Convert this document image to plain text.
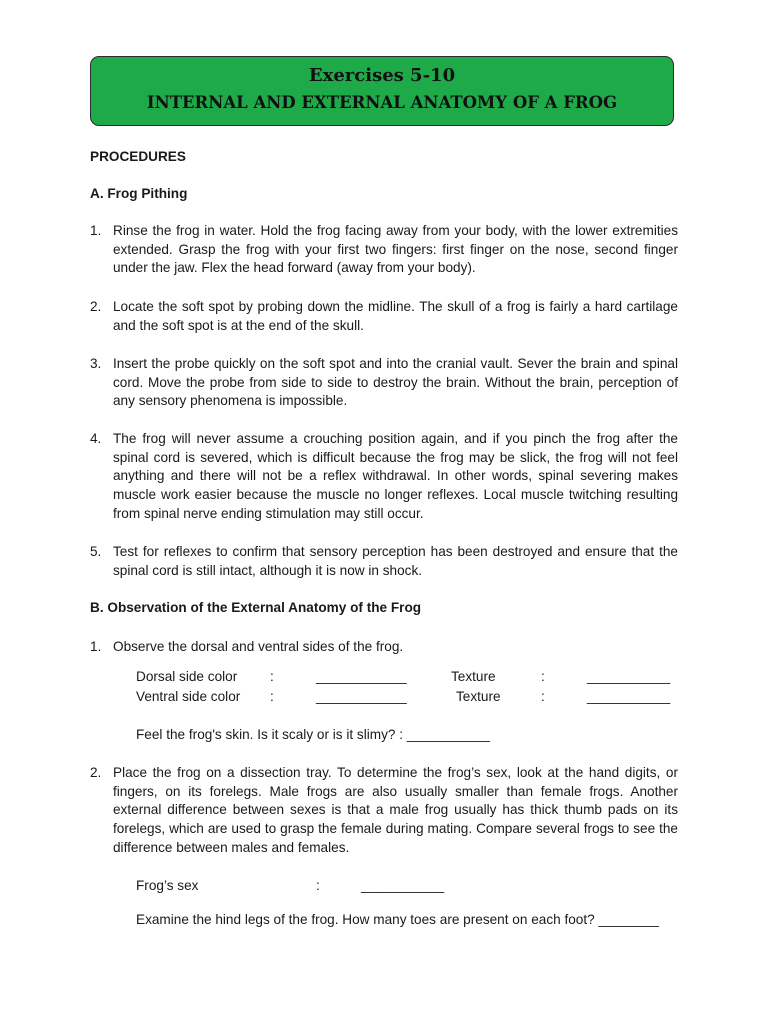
Exercises 5-10
INTERNAL AND EXTERNAL ANATOMY OF A FROG
PROCEDURES
A. Frog Pithing
1. Rinse the frog in water. Hold the frog facing away from your body, with the lower extremities extended. Grasp the frog with your first two fingers: first finger on the nose, second finger under the jaw. Flex the head forward (away from your body).
2. Locate the soft spot by probing down the midline. The skull of a frog is fairly a hard cartilage and the soft spot is at the end of the skull.
3. Insert the probe quickly on the soft spot and into the cranial vault. Sever the brain and spinal cord. Move the probe from side to side to destroy the brain. Without the brain, perception of any sensory phenomena is impossible.
4. The frog will never assume a crouching position again, and if you pinch the frog after the spinal cord is severed, which is difficult because the frog may be slick, the frog will not feel anything and there will not be a reflex withdrawal. In other words, spinal severing makes muscle work easier because the muscle no longer reflexes. Local muscle twitching resulting from spinal nerve ending stimulation may still occur.
5. Test for reflexes to confirm that sensory perception has been destroyed and ensure that the spinal cord is still intact, although it is now in shock.
B. Observation of the External Anatomy of the Frog
1. Observe the dorsal and ventral sides of the frog.
Dorsal side color :	____________	Texture	:	___________
Ventral side color :	____________	Texture	:	___________
Feel the frog's skin. Is it scaly or is it slimy? : ___________
2. Place the frog on a dissection tray. To determine the frog’s sex, look at the hand digits, or fingers, on its forelegs. Male frogs are also usually smaller than female frogs. Another external difference between sexes is that a male frog usually has thick thumb pads on its forelegs, which are used to grasp the female during mating. Compare several frogs to see the difference between males and females.
Frog’s sex	:	___________
Examine the hind legs of the frog. How many toes are present on each foot? ________
